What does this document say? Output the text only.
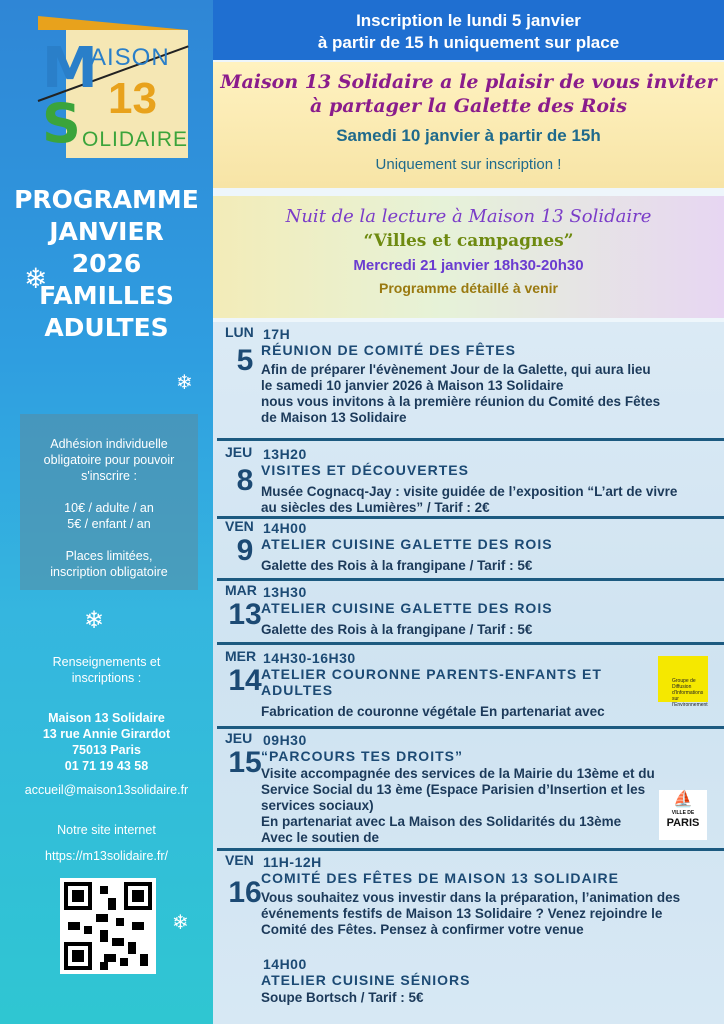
M
AISON
13
S OLIDAIRE
PROGRAMME
JANVIER
2026
FAMILLES
ADULTES
❄
❄
❄
❄
Adhésion individuelle
obligatoire pour pouvoir
s'inscrire :
10€ / adulte / an
5€ / enfant / an
Places limitées,
inscription obligatoire
Renseignements et inscriptions :
Maison 13 Solidaire
13 rue Annie Girardot
75013 Paris
01 71 19 43 58
accueil@maison13solidaire.fr
Notre site internet
https://m13solidaire.fr/
Inscription le lundi 5 janvier
à partir de 15 h uniquement sur place
Maison 13 Solidaire a le plaisir de vous inviter
à partager la Galette des Rois
Samedi 10 janvier à partir de 15h
Uniquement sur inscription !
Nuit de la lecture à Maison 13 Solidaire
“Villes et campagnes”
Mercredi 21 janvier 18h30-20h30
Programme détaillé à venir
LUN
5
17H
RÉUNION DE COMITÉ DES FÊTES
Afin de préparer l'évènement Jour de la Galette, qui aura lieu
le samedi 10 janvier 2026 à Maison 13 Solidaire
nous vous invitons à la première réunion du Comité des Fêtes
de Maison 13 Solidaire
JEU
8
13H20
VISITES ET DÉCOUVERTES
Musée Cognacq-Jay : visite guidée de l’exposition “L’art de vivre
au siècles des Lumières” / Tarif : 2€
VEN
9
14H00
ATELIER CUISINE GALETTE DES ROIS
Galette des Rois à la frangipane / Tarif : 5€
MAR
13
13H30
ATELIER CUISINE GALETTE DES ROIS
Galette des Rois à la frangipane / Tarif : 5€
MER
14
14H30-16H30
ATELIER COURONNE PARENTS-ENFANTS ET ADULTES
Fabrication de couronne végétale En partenariat avec
Groupe de Diffusion d'Informations sur l'Environnement
JEU
15
09H30
“PARCOURS TES DROITS”
Visite accompagnée des services de la Mairie du 13ème et du
Service Social du 13 ème (Espace Parisien d’Insertion et les
services sociaux)
En partenariat avec La Maison des Solidarités du 13ème
Avec le soutien de
⛵
VILLE DE
PARIS
VEN
16
11H-12H
COMITÉ DES FÊTES DE MAISON 13 SOLIDAIRE
Vous souhaitez vous investir dans la préparation, l’animation des
événements festifs de Maison 13 Solidaire ? Venez rejoindre le
Comité des Fêtes. Pensez à confirmer votre venue
14H00
ATELIER CUISINE SÉNIORS
Soupe Bortsch / Tarif : 5€
